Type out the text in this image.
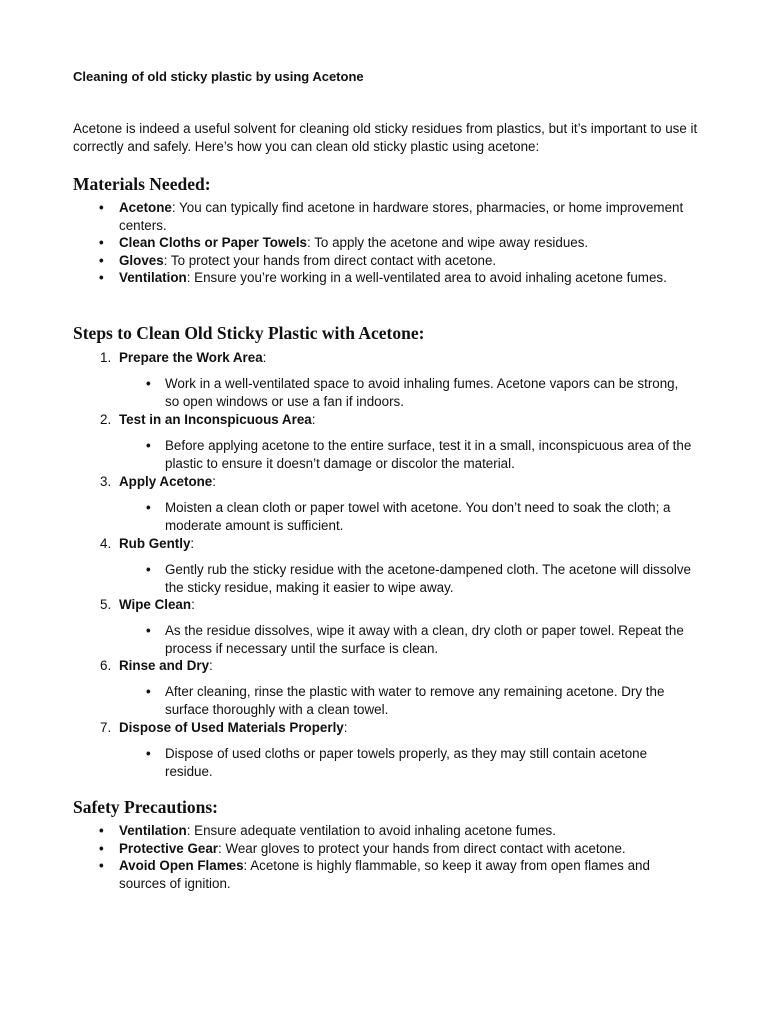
Cleaning of old sticky plastic by using Acetone

Acetone is indeed a useful solvent for cleaning old sticky residues from plastics, but it’s important to use it correctly and safely. Here’s how you can clean old sticky plastic using acetone:

Materials Needed:
• Acetone: You can typically find acetone in hardware stores, pharmacies, or home improvement centers.
• Clean Cloths or Paper Towels: To apply the acetone and wipe away residues.
• Gloves: To protect your hands from direct contact with acetone.
• Ventilation: Ensure you’re working in a well-ventilated area to avoid inhaling acetone fumes.
Steps to Clean Old Sticky Plastic with Acetone:
1. Prepare the Work Area:
• Work in a well-ventilated space to avoid inhaling fumes. Acetone vapors can be strong, so open windows or use a fan if indoors.
2. Test in an Inconspicuous Area:
• Before applying acetone to the entire surface, test it in a small, inconspicuous area of the plastic to ensure it doesn’t damage or discolor the material.
3. Apply Acetone:
• Moisten a clean cloth or paper towel with acetone. You don’t need to soak the cloth; a moderate amount is sufficient.
4. Rub Gently:
• Gently rub the sticky residue with the acetone-dampened cloth. The acetone will dissolve the sticky residue, making it easier to wipe away.
5. Wipe Clean:
• As the residue dissolves, wipe it away with a clean, dry cloth or paper towel. Repeat the process if necessary until the surface is clean.
6. Rinse and Dry:
• After cleaning, rinse the plastic with water to remove any remaining acetone. Dry the surface thoroughly with a clean towel.
7. Dispose of Used Materials Properly:
• Dispose of used cloths or paper towels properly, as they may still contain acetone residue.
Safety Precautions:
• Ventilation: Ensure adequate ventilation to avoid inhaling acetone fumes.
• Protective Gear: Wear gloves to protect your hands from direct contact with acetone.
• Avoid Open Flames: Acetone is highly flammable, so keep it away from open flames and sources of ignition.
